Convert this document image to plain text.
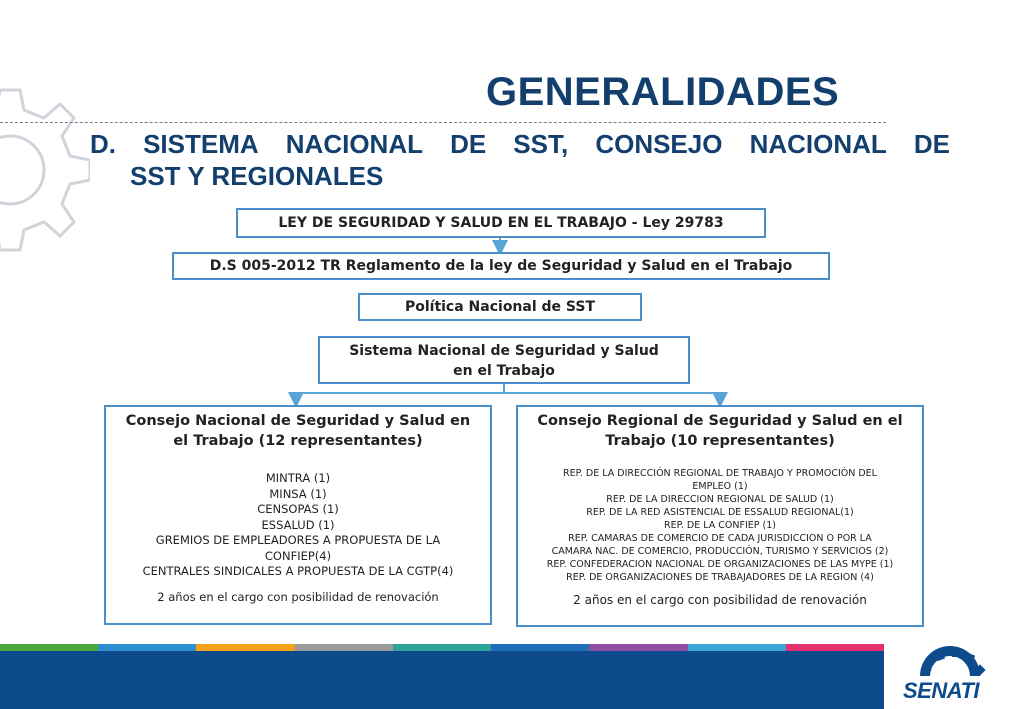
GENERALIDADES
D. SISTEMA NACIONAL DE SST, CONSEJO NACIONAL DE
SST Y REGIONALES
LEY DE SEGURIDAD Y SALUD EN EL TRABAJO - Ley 29783
D.S 005-2012 TR Reglamento de la ley de Seguridad y Salud en el Trabajo
Política Nacional de SST
Sistema Nacional de Seguridad y Salud
en el Trabajo
Consejo Nacional de Seguridad y Salud en
el Trabajo (12 representantes)
MINTRA (1)
MINSA (1)
CENSOPAS (1)
ESSALUD (1)
GREMIOS DE EMPLEADORES A PROPUESTA DE LA
CONFIEP(4)
CENTRALES SINDICALES A PROPUESTA DE LA CGTP(4)
2 años en el cargo con posibilidad de renovación
Consejo Regional de Seguridad y Salud en el
Trabajo (10 representantes)
REP. DE LA DIRECCIÓN REGIONAL DE TRABAJO Y PROMOCIÓN DEL
EMPLEO (1)
REP. DE LA DIRECCION REGIONAL DE SALUD (1)
REP. DE LA RED ASISTENCIAL DE ESSALUD REGIONAL(1)
REP. DE LA CONFIEP (1)
REP. CAMARAS DE COMERCIO DE CADA JURISDICCION O POR LA
CAMARA NAC. DE COMERCIO, PRODUCCIÓN, TURISMO Y SERVICIOS (2)
REP. CONFEDERACION NACIONAL DE ORGANIZACIONES DE LAS MYPE (1)
REP. DE ORGANIZACIONES DE TRABAJADORES DE LA REGION (4)
2 años en el cargo con posibilidad de renovación
SENATI
